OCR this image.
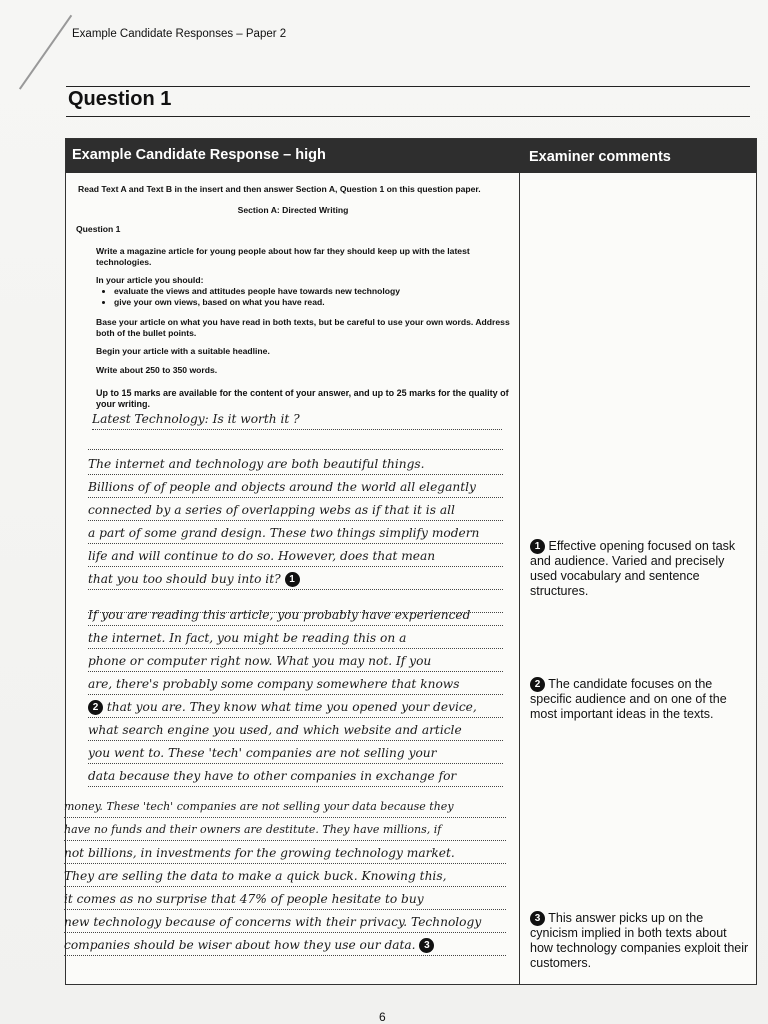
Example Candidate Responses – Paper 2
Question 1
Example Candidate Response – high	Examiner comments
Read Text A and Text B in the insert and then answer Section A, Question 1 on this question paper.
Section A: Directed Writing
Question 1
Write a magazine article for young people about how far they should keep up with the latest technologies.
In your article you should:
• evaluate the views and attitudes people have towards new technology
• give your own views, based on what you have read.
Base your article on what you have read in both texts, but be careful to use your own words. Address both of the bullet points.
Begin your article with a suitable headline.
Write about 250 to 350 words.
Up to 15 marks are available for the content of your answer, and up to 25 marks for the quality of your writing.
Latest Technology: Is it worth it ?
The internet and technology are both beautiful things.
Billions of of people and objects around the world all elegantly
connected by a series of overlapping webs as if that it is all
a part of some grand design. These two things simplify modern
life and will continue to do so. However, does that mean
that you too should buy into it? 1
If you are reading this article, you probably have experienced
the internet. In fact, you might be reading this on a
phone or computer right now. What you may not. If you
are, there's probably some company somewhere that knows
2 that you are. They know what time you opened your device,
what search engine you used, and which website and article
you went to. These 'tech' companies are not selling your
data because they have to other companies in exchange for
money. These 'tech' companies are not selling your data because they
have no funds and their owners are destitute. They have millions, if
not billions, in investments for the growing technology market.
They are selling the data to make a quick buck. Knowing this,
it comes as no surprise that 47% of people hesitate to buy
new technology because of concerns with their privacy. Technology
companies should be wiser about how they use our data. 3
1 Effective opening focused on task and audience. Varied and precisely used vocabulary and sentence structures.
2 The candidate focuses on the specific audience and on one of the most important ideas in the texts.
3 This answer picks up on the cynicism implied in both texts about how technology companies exploit their customers.
6
